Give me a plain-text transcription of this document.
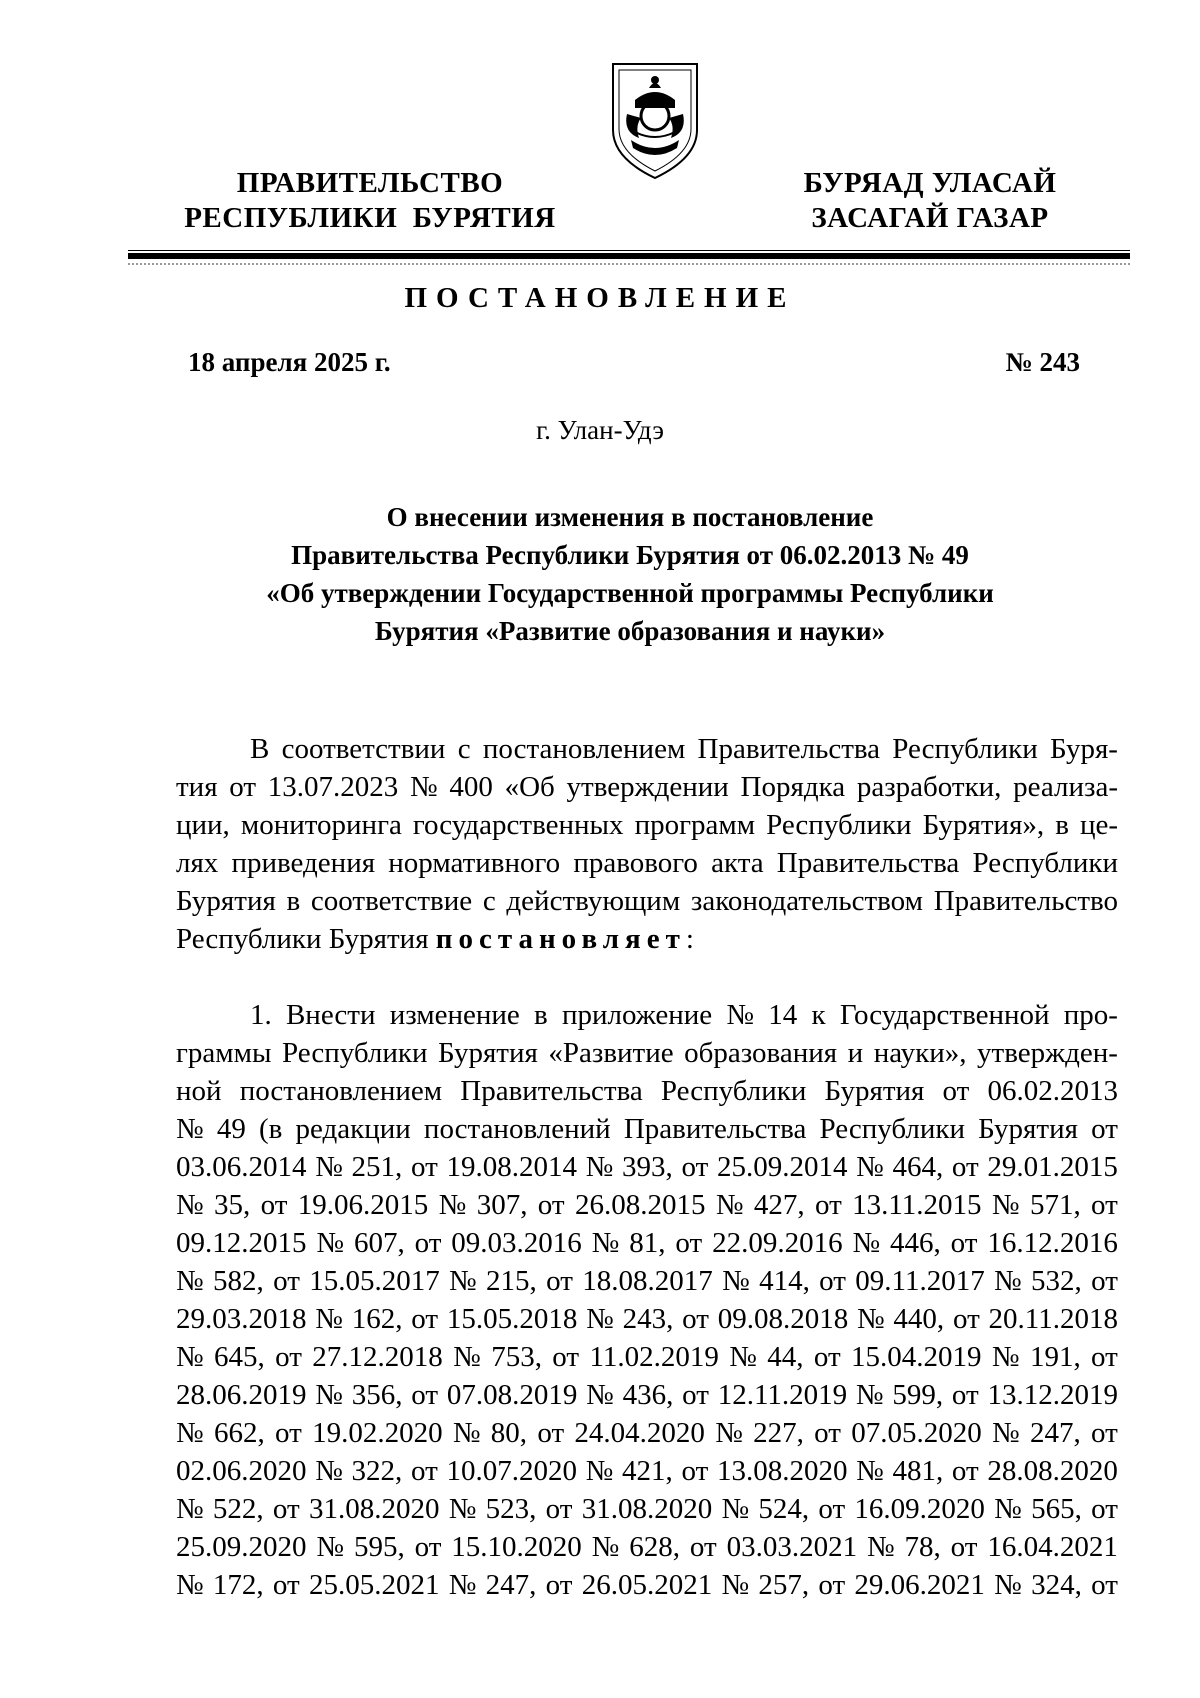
ПРАВИТЕЛЬСТВО
РЕСПУБЛИКИ  БУРЯТИЯ
БУРЯАД УЛАСАЙ
ЗАСАГАЙ ГАЗАР
ПОСТАНОВЛЕНИЕ
18 апреля 2025 г.	№ 243
г. Улан-Удэ
О внесении изменения в постановление
Правительства Республики Бурятия от 06.02.2013 № 49
«Об утверждении Государственной программы Республики
Бурятия «Развитие образования и науки»
В соответствии с постановлением Правительства Республики Буря-
тия от 13.07.2023 № 400 «Об утверждении Порядка разработки, реализа-
ции, мониторинга государственных программ Республики Бурятия», в це-
лях приведения нормативного правового акта Правительства Республики
Бурятия в соответствие с действующим законодательством Правительство
Республики Бурятия постановляет :
1. Внести изменение в приложение № 14 к Государственной про-
граммы Республики Бурятия «Развитие образования и науки», утвержден-
ной постановлением Правительства Республики Бурятия от 06.02.2013
№ 49 (в редакции постановлений Правительства Республики Бурятия от
03.06.2014 № 251, от 19.08.2014 № 393, от 25.09.2014 № 464, от 29.01.2015
№ 35, от 19.06.2015 № 307, от 26.08.2015 № 427, от 13.11.2015 № 571, от
09.12.2015 № 607, от 09.03.2016 № 81, от 22.09.2016 № 446, от 16.12.2016
№ 582, от 15.05.2017 № 215, от 18.08.2017 № 414, от 09.11.2017 № 532, от
29.03.2018 № 162, от 15.05.2018 № 243, от 09.08.2018 № 440, от 20.11.2018
№ 645, от 27.12.2018 № 753, от 11.02.2019 № 44, от 15.04.2019 № 191, от
28.06.2019 № 356, от 07.08.2019 № 436, от 12.11.2019 № 599, от 13.12.2019
№ 662, от 19.02.2020 № 80, от 24.04.2020 № 227, от 07.05.2020 № 247, от
02.06.2020 № 322, от 10.07.2020 № 421, от 13.08.2020 № 481, от 28.08.2020
№ 522, от 31.08.2020 № 523, от 31.08.2020 № 524, от 16.09.2020 № 565, от
25.09.2020 № 595, от 15.10.2020 № 628, от 03.03.2021 № 78, от 16.04.2021
№ 172, от 25.05.2021 № 247, от 26.05.2021 № 257, от 29.06.2021 № 324, от
